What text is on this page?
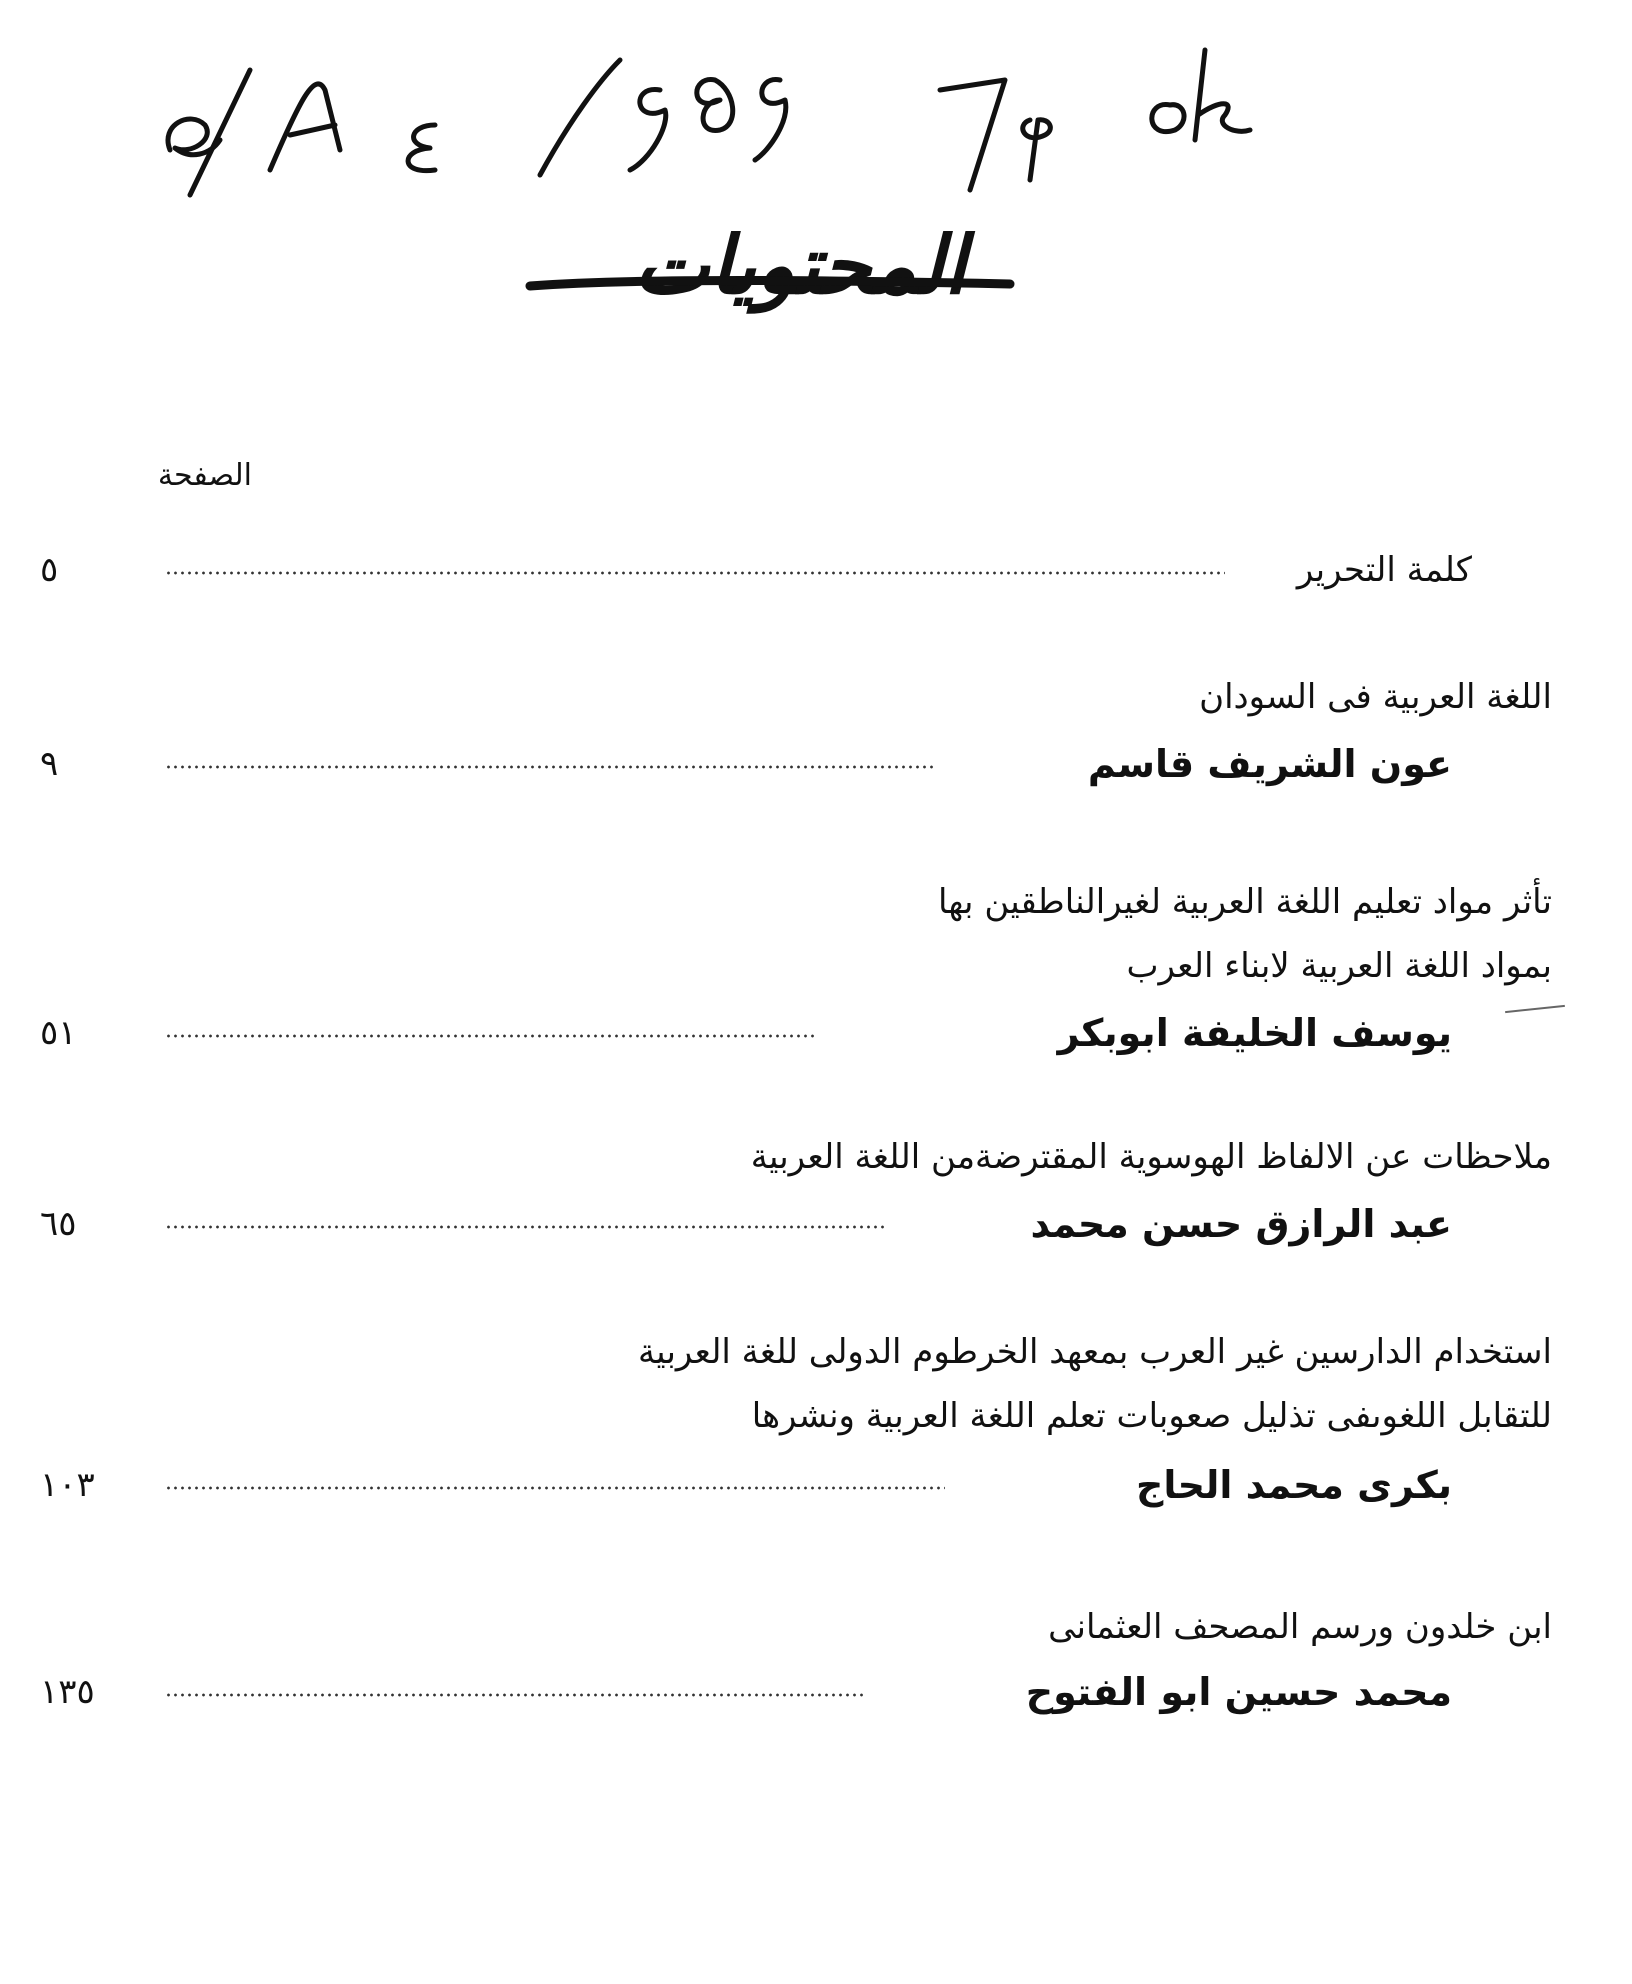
المحتويات
الصفحة
كلمة التحرير
٥
اللغة العربية فى السودان
عون الشريف قاسم
٩
تأثر مواد تعليم اللغة العربية لغيرالناطقين بها
بمواد اللغة العربية لابناء العرب
يوسف الخليفة ابوبكر
٥١
ملاحظات عن الالفاظ الهوسوية المقترضةمن اللغة العربية
عبد الرازق حسن محمد
٦٥
استخدام الدارسين غير العرب بمعهد الخرطوم الدولى للغة العربية
للتقابل اللغوىفى تذليل صعوبات تعلم اللغة العربية ونشرها
بكرى محمد الحاج
١٠٣
ابن خلدون ورسم المصحف العثمانى
محمد حسين ابو الفتوح
١٣٥
